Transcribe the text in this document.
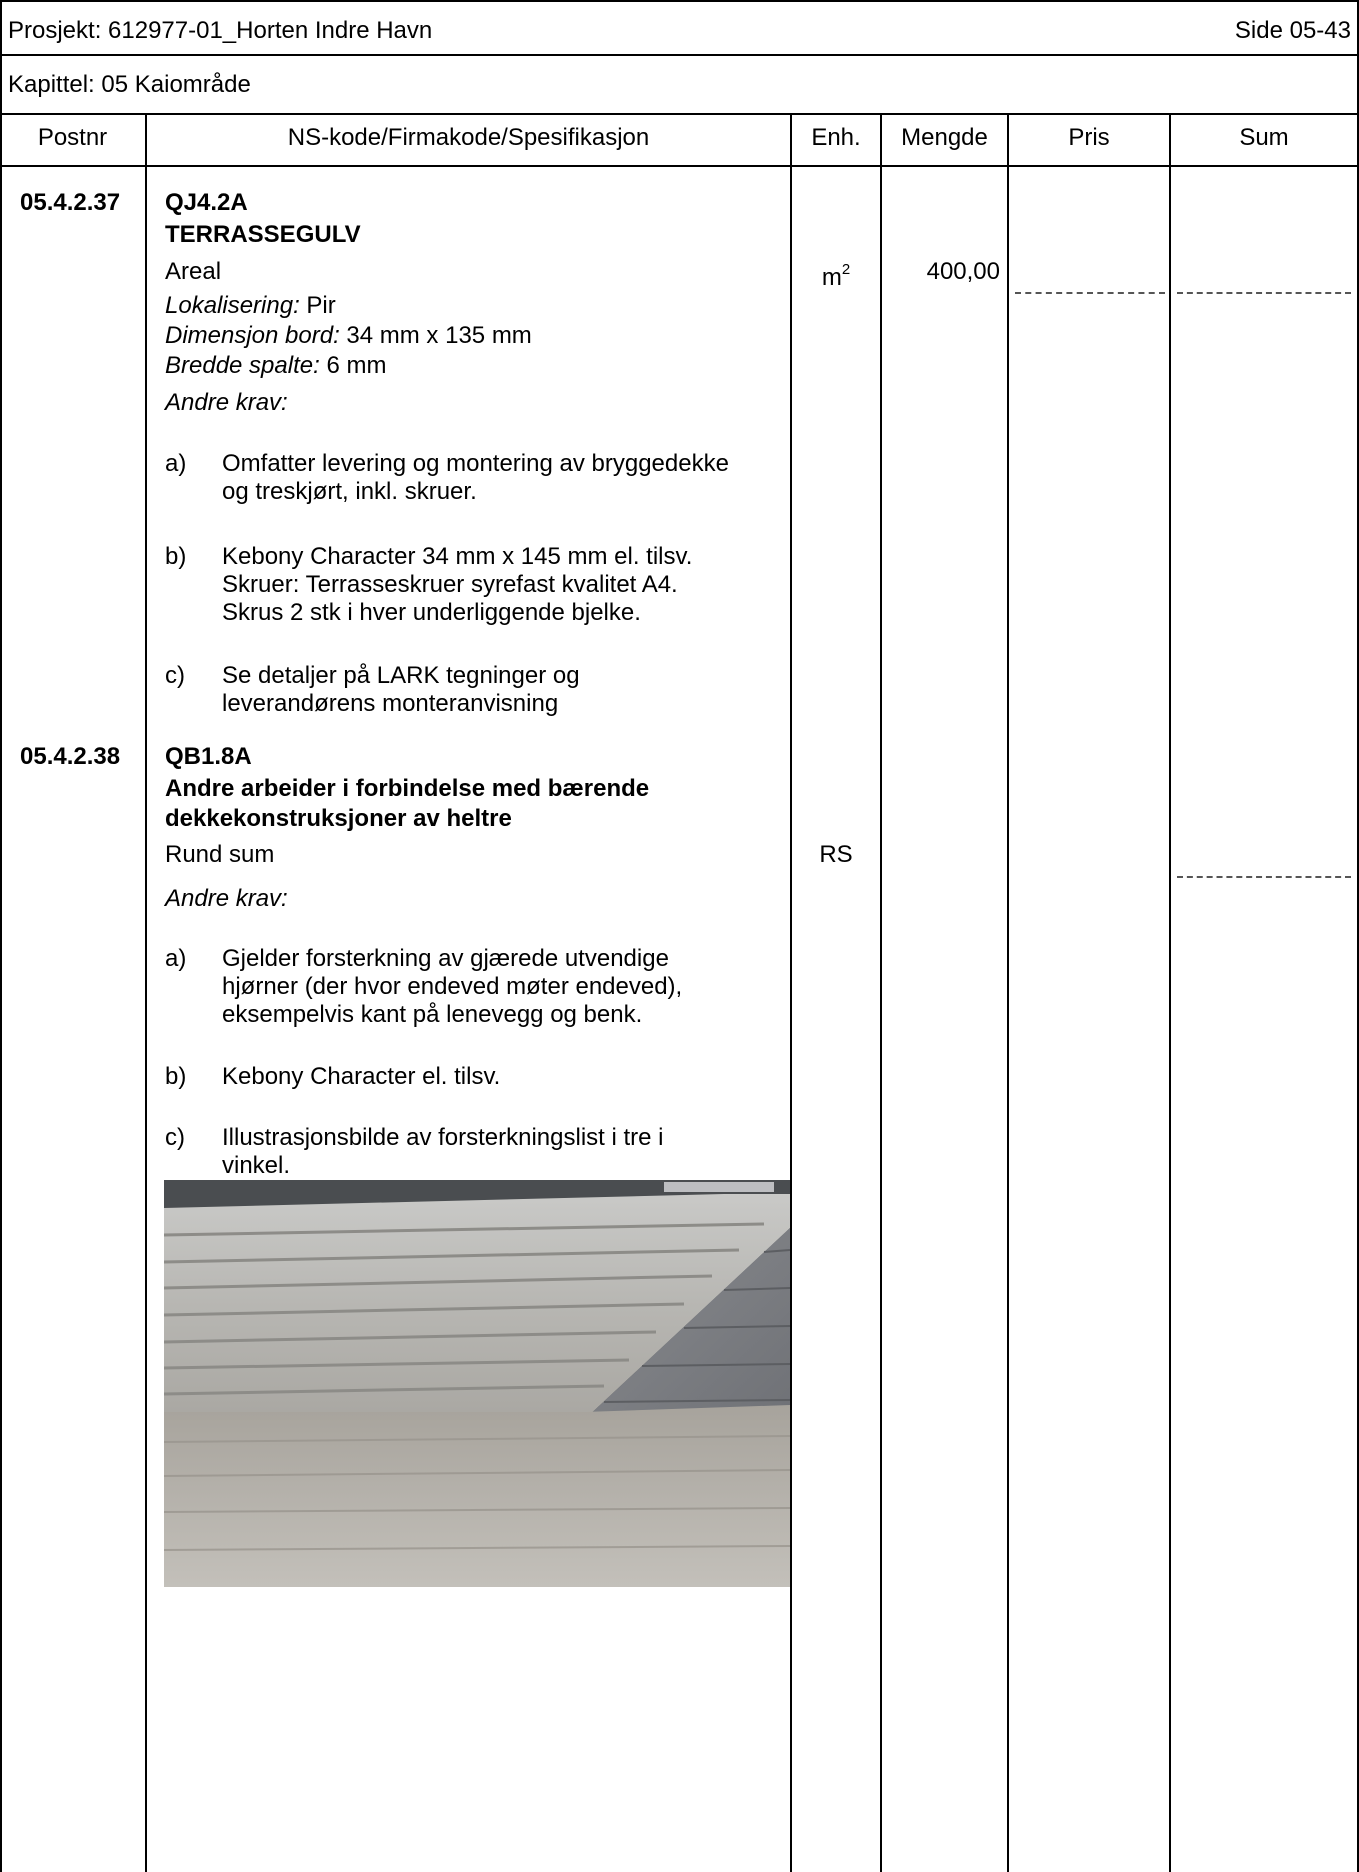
Prosjekt: 612977-01_Horten Indre Havn	Side 05-43
Kapittel: 05 Kaiområde
Postnr	NS-kode/Firmakode/Spesifikasjon	Enh.	Mengde	Pris	Sum
05.4.2.37 QJ4.2A
TERRASSEGULV
Areal	$m^2$	400,00
Lokalisering: Pir
Dimensjon bord: 34 mm x 135 mm
Bredde spalte: 6 mm
Andre krav:
a) Omfatter levering og montering av bryggedekke
og treskjørt, inkl. skruer.
b) Kebony Character 34 mm x 145 mm el. tilsv.
Skruer: Terrasseskruer syrefast kvalitet A4.
Skrus 2 stk i hver underliggende bjelke.
c) Se detaljer på LARK tegninger og
leverandørens monteranvisning
05.4.2.38 QB1.8A
Andre arbeider i forbindelse med bærende
dekkekonstruksjoner av heltre
Rund sum	RS
Andre krav:
a) Gjelder forsterkning av gjærede utvendige
hjørner (der hvor endeved møter endeved),
eksempelvis kant på lenevegg og benk.
b) Kebony Character el. tilsv.
c) Illustrasjonsbilde av forsterkningslist i tre i
vinkel.
